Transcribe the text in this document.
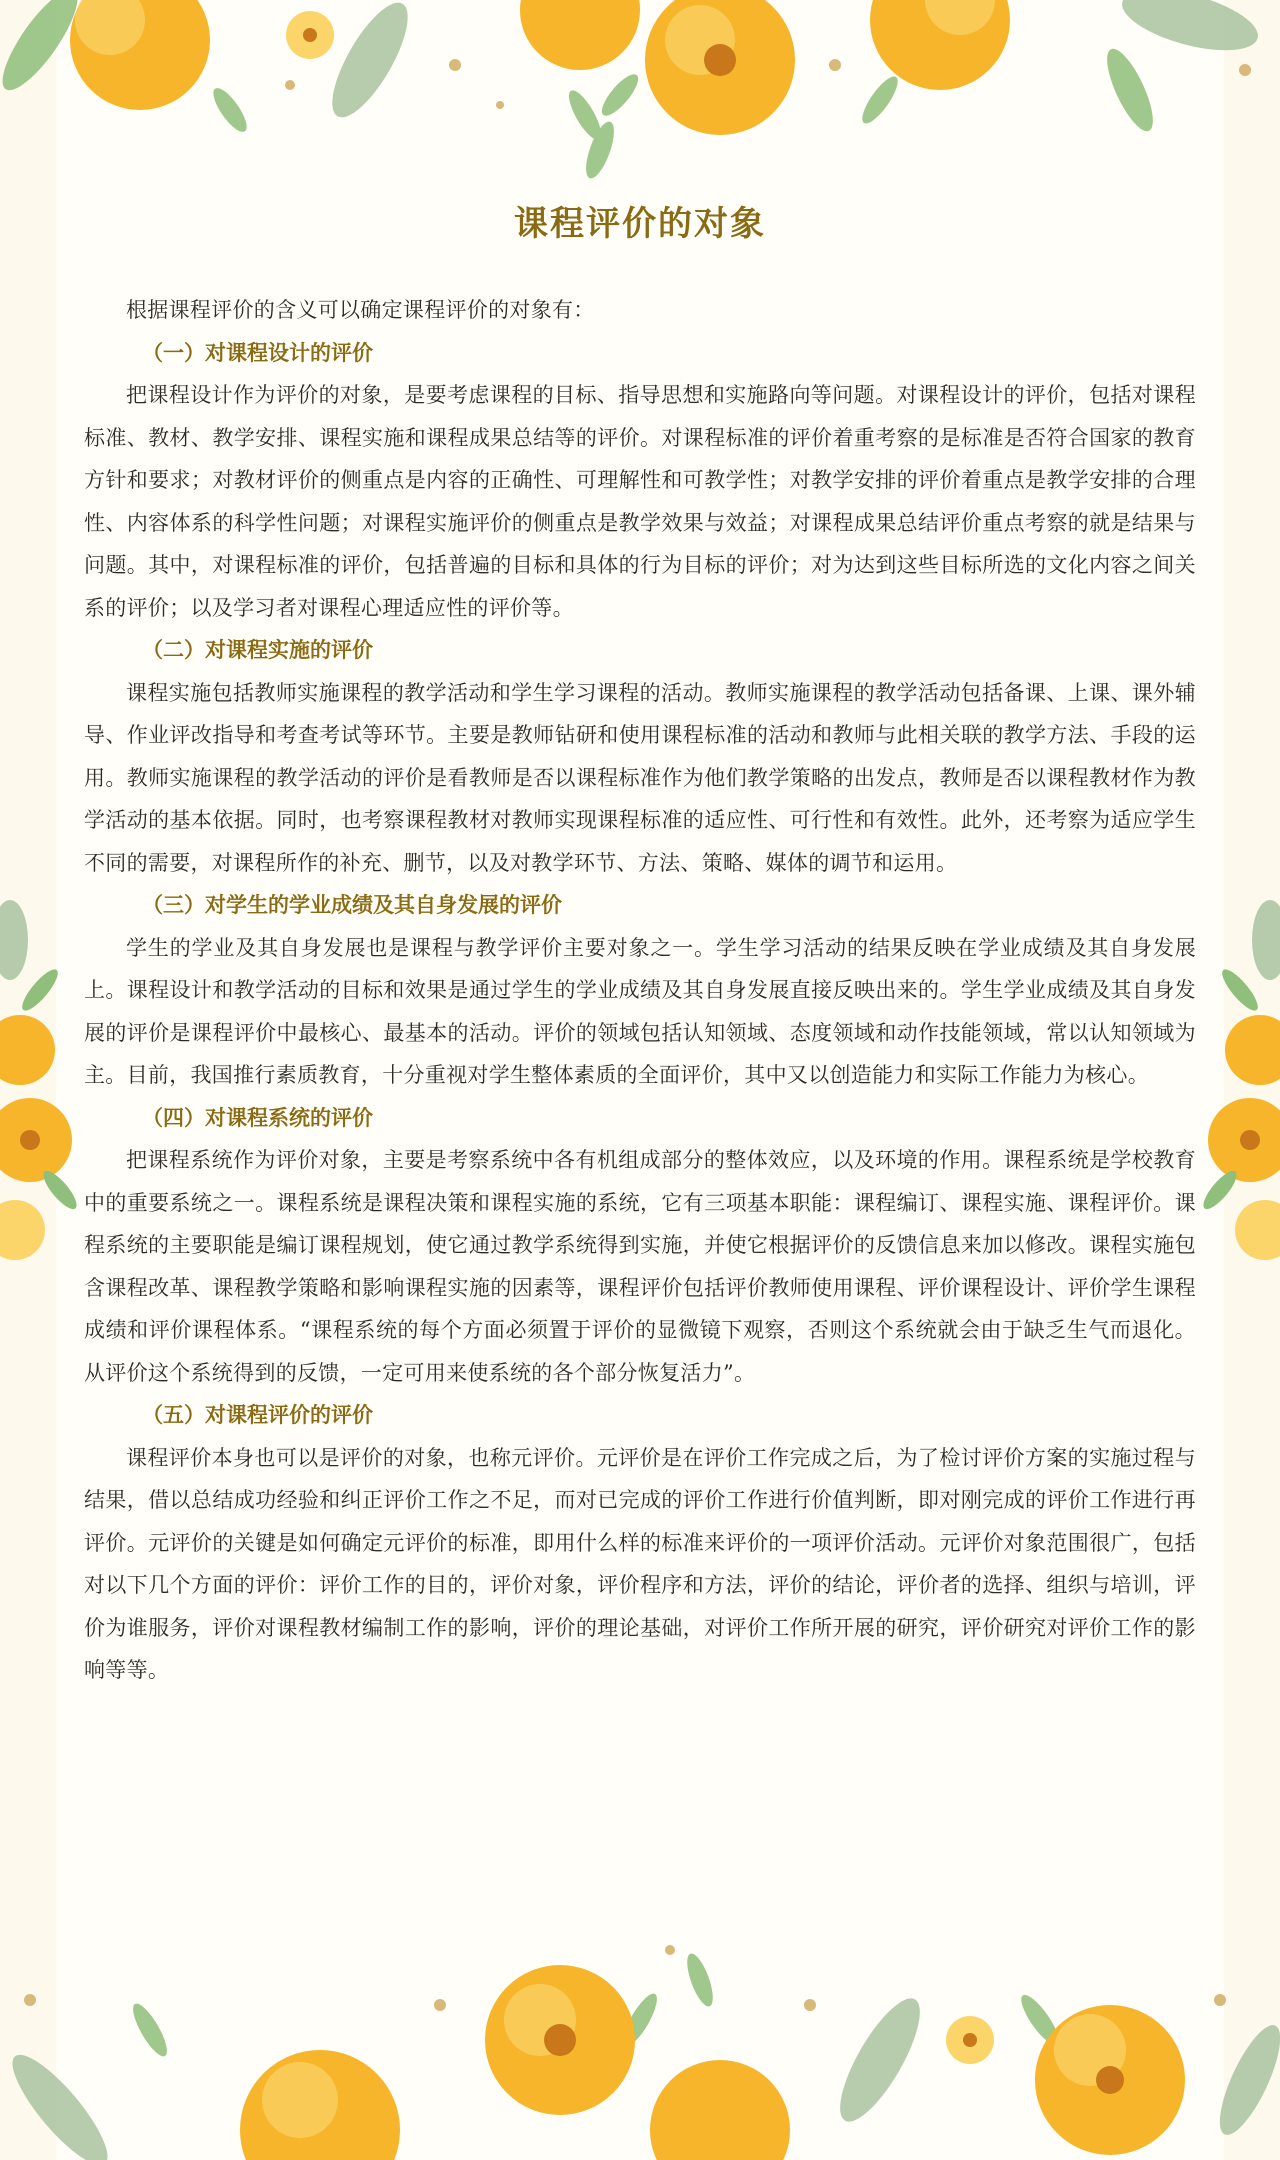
课程评价的对象

根据课程评价的含义可以确定课程评价的对象有：

（一）对课程设计的评价

把课程设计作为评价的对象，是要考虑课程的目标、指导思想和实施路向等问题。对课程设计的评价，包括对课程标准、教材、教学安排、课程实施和课程成果总结等的评价。对课程标准的评价着重考察的是标准是否符合国家的教育方针和要求；对教材评价的侧重点是内容的正确性、可理解性和可教学性；对教学安排的评价着重点是教学安排的合理性、内容体系的科学性问题；对课程实施评价的侧重点是教学效果与效益；对课程成果总结评价重点考察的就是结果与问题。其中，对课程标准的评价，包括普遍的目标和具体的行为目标的评价；对为达到这些目标所选的文化内容之间关系的评价；以及学习者对课程心理适应性的评价等。

（二）对课程实施的评价

课程实施包括教师实施课程的教学活动和学生学习课程的活动。教师实施课程的教学活动包括备课、上课、课外辅导、作业评改指导和考查考试等环节。主要是教师钻研和使用课程标准的活动和教师与此相关联的教学方法、手段的运用。教师实施课程的教学活动的评价是看教师是否以课程标准作为他们教学策略的出发点，教师是否以课程教材作为教学活动的基本依据。同时，也考察课程教材对教师实现课程标准的适应性、可行性和有效性。此外，还考察为适应学生不同的需要，对课程所作的补充、删节，以及对教学环节、方法、策略、媒体的调节和运用。

（三）对学生的学业成绩及其自身发展的评价

学生的学业及其自身发展也是课程与教学评价主要对象之一。学生学习活动的结果反映在学业成绩及其自身发展上。课程设计和教学活动的目标和效果是通过学生的学业成绩及其自身发展直接反映出来的。学生学业成绩及其自身发展的评价是课程评价中最核心、最基本的活动。评价的领域包括认知领域、态度领域和动作技能领域，常以认知领域为主。目前，我国推行素质教育，十分重视对学生整体素质的全面评价，其中又以创造能力和实际工作能力为核心。

（四）对课程系统的评价

把课程系统作为评价对象，主要是考察系统中各有机组成部分的整体效应，以及环境的作用。课程系统是学校教育中的重要系统之一。课程系统是课程决策和课程实施的系统，它有三项基本职能：课程编订、课程实施、课程评价。课程系统的主要职能是编订课程规划，使它通过教学系统得到实施，并使它根据评价的反馈信息来加以修改。课程实施包含课程改革、课程教学策略和影响课程实施的因素等，课程评价包括评价教师使用课程、评价课程设计、评价学生课程成绩和评价课程体系。“课程系统的每个方面必须置于评价的显微镜下观察，否则这个系统就会由于缺乏生气而退化。从评价这个系统得到的反馈，一定可用来使系统的各个部分恢复活力”。

（五）对课程评价的评价

课程评价本身也可以是评价的对象，也称元评价。元评价是在评价工作完成之后，为了检讨评价方案的实施过程与结果，借以总结成功经验和纠正评价工作之不足，而对已完成的评价工作进行价值判断，即对刚完成的评价工作进行再评价。元评价的关键是如何确定元评价的标准，即用什么样的标准来评价的一项评价活动。元评价对象范围很广，包括对以下几个方面的评价：评价工作的目的，评价对象，评价程序和方法，评价的结论，评价者的选择、组织与培训，评价为谁服务，评价对课程教材编制工作的影响，评价的理论基础，对评价工作所开展的研究，评价研究对评价工作的影响等等。
